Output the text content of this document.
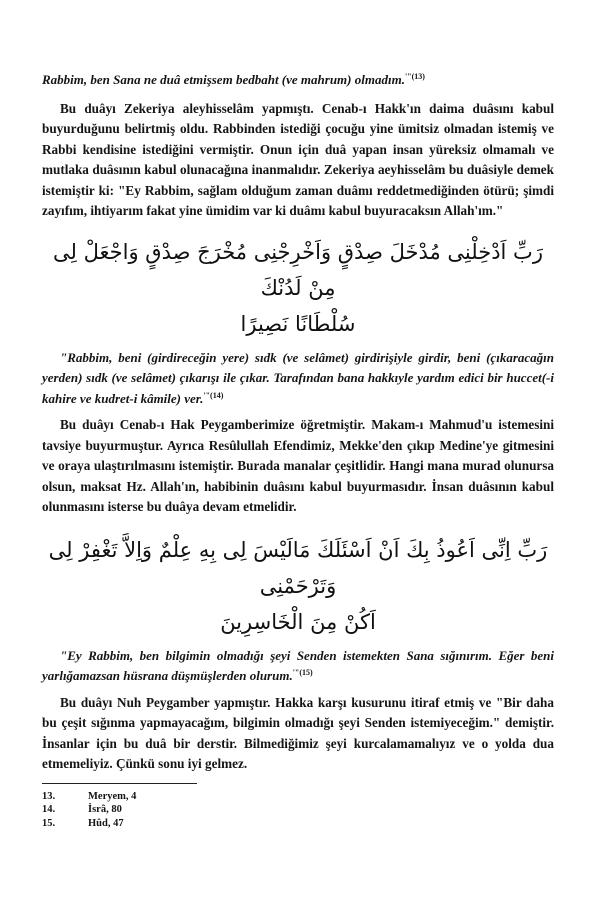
Rabbim, ben Sana ne duâ etmişsem bedbaht (ve mahrum) olmadım.$^{'"(13)}$

Bu duâyı Zekeriya aleyhisselâm yapmıştı. Cenab-ı Hakk'ın daima duâsını kabul buyurduğunu belirtmiş oldu. Rabbinden istediği çocuğu yine ümitsiz olmadan istemiş ve Rabbi kendisine istediğini vermiştir. Onun için duâ yapan insan yüreksiz olmamalı ve mutlaka duâsının kabul olunacağına inanmalıdır. Zekeriya aeyhisselâm bu duâsiyle demek istemiştir ki: "Ey Rabbim, sağlam olduğum zaman duâmı reddetmediğinden ötürü; şimdi zayıfım, ihtiyarım fakat yine ümidim var ki duâmı kabul buyuracaksın Allah'ım."

رَبِّ اَدْخِلْنِى مُدْخَلَ صِدْقٍ وَاَخْرِجْنِى مُخْرَجَ صِدْقٍ وَاجْعَلْ لِى مِنْ لَدُنْكَ

سُلْطَانًا نَصِيرًا

"Rabbim, beni (girdireceğin yere) sıdk (ve selâmet) girdirişiyle girdir, beni (çıkaracağın yerden) sıdk (ve selâmet) çıkarışı ile çıkar. Tarafından bana hakkıyle yardım edici bir huccet(-i kahire ve kudret-i kâmile) ver.$^{'"(14)}$

Bu duâyı Cenab-ı Hak Peygamberimize öğretmiştir. Makam-ı Mahmud'u istemesini tavsiye buyurmuştur. Ayrıca Resûlullah Efendimiz, Mekke'den çıkıp Medine'ye gitmesini ve oraya ulaştırılmasını istemiştir. Burada manalar çeşitlidir. Hangi mana murad olunursa olsun, maksat Hz. Allah'ın, habibinin duâsını kabul buyurmasıdır. İnsan duâsının kabul olunmasını isterse bu duâya devam etmelidir.

رَبِّ اِنِّى اَعُوذُ بِكَ اَنْ اَسْئَلَكَ مَالَيْسَ لِى بِهِ عِلْمٌ وَاِلاَّ تَغْفِرْ لِى وَتَرْحَمْنِى

اَكُنْ مِنَ الْخَاسِرِينَ

"Ey Rabbim, ben bilgimin olmadığı şeyi Senden istemekten Sana sığınırım. Eğer beni yarlığamazsan hüsrana düşmüşlerden olurum.$^{'"(15)}$

Bu duâyı Nuh Peygamber yapmıştır. Hakka karşı kusurunu itiraf etmiş ve "Bir daha bu çeşit sığınma yapmayacağım, bilgimin olmadığı şeyi Senden istemiyeceğim." demiştir. İnsanlar için bu duâ bir derstir. Bilmediğimiz şeyi kurcalamamalıyız ve o yolda dua etmemeliyiz. Çünkü sonu iyi gelmez.

13.	Meryem, 4
14.	İsrâ, 80
15.	Hûd, 47
